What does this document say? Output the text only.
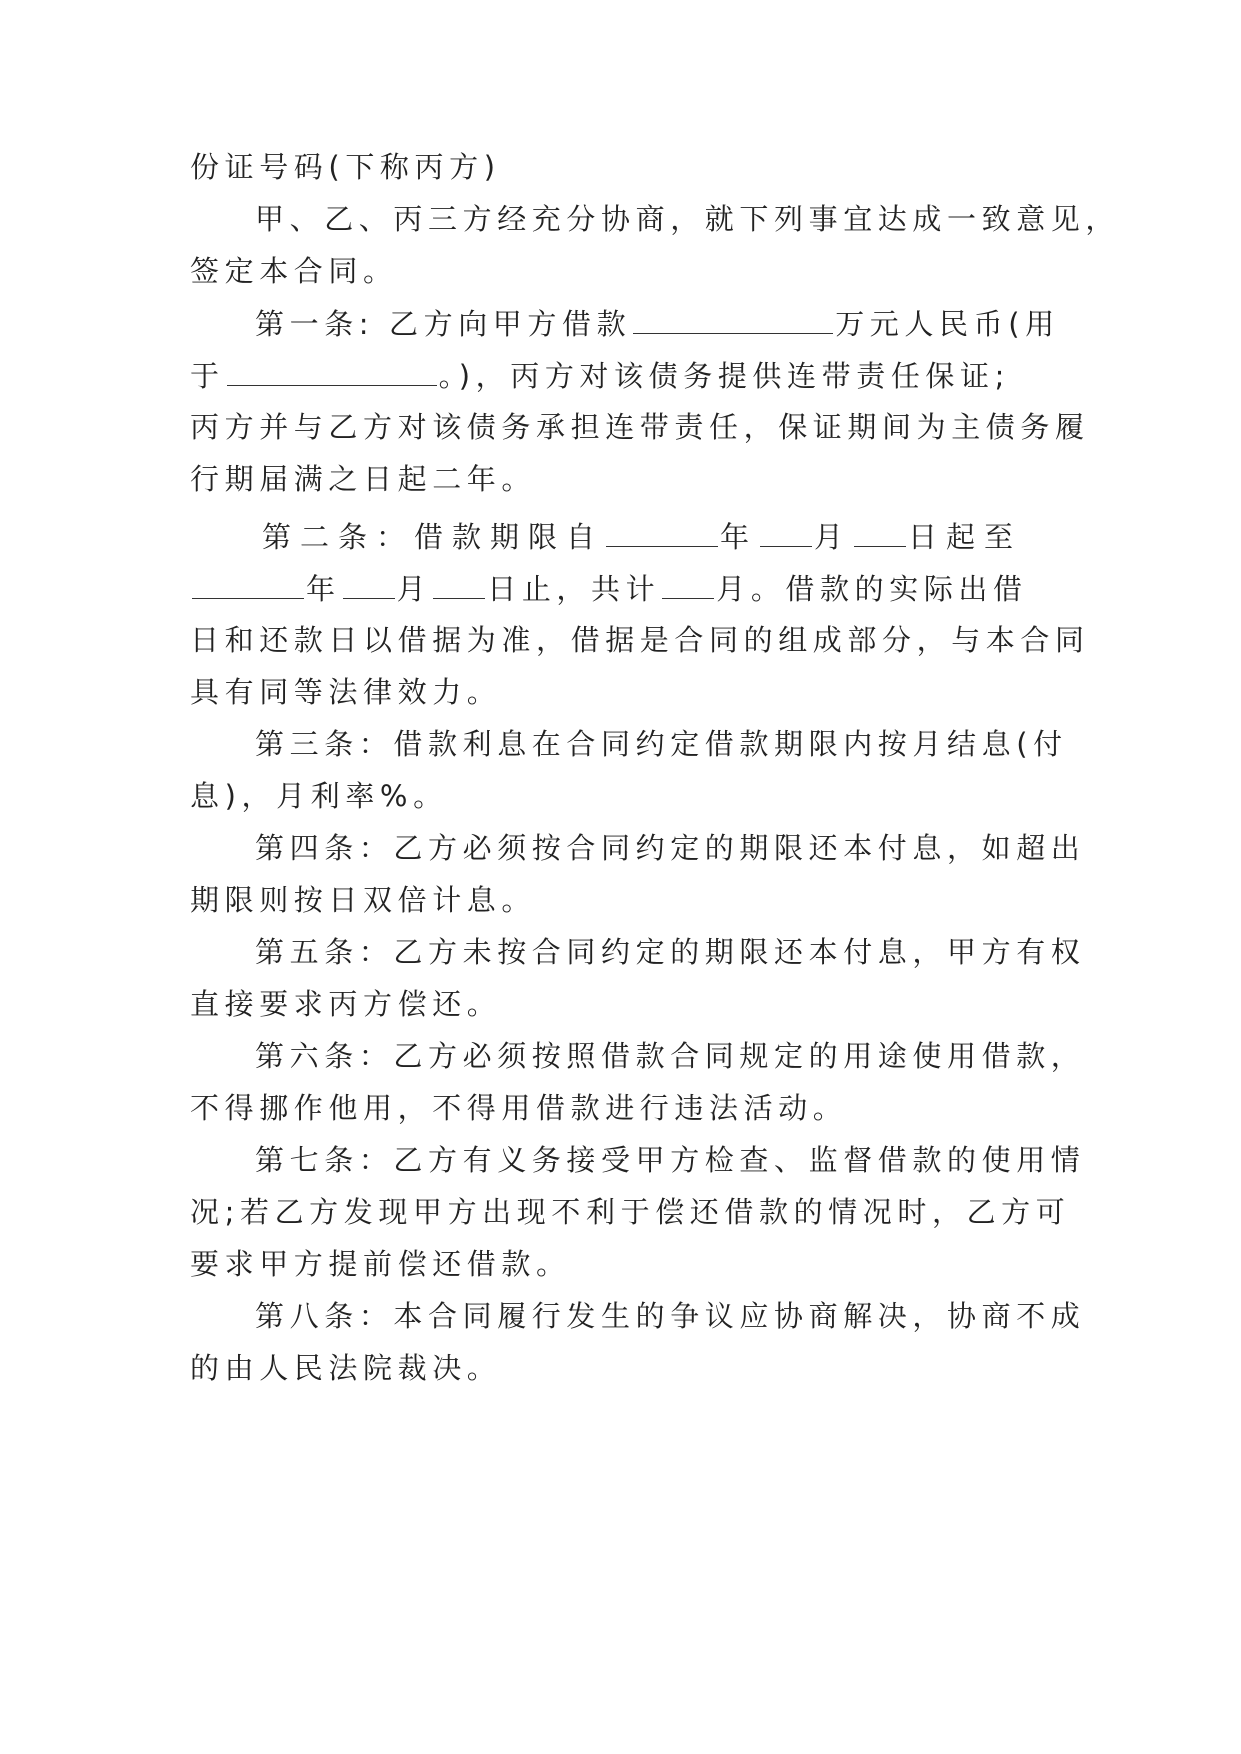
份证号码(下称丙方)
甲、乙、丙三方经充分协商，就下列事宜达成一致意见，
签定本合同。
第一条: 乙方向甲方借款	万元人民币(用
于	。)，丙方对该债务提供连带责任保证;
丙方并与乙方对该债务承担连带责任，保证期间为主债务履
行期届满之日起二年。
第二条：借款期限自	年 月 日起至
年 月 日止，共计 月。借款的实际出借
日和还款日以借据为准，借据是合同的组成部分，与本合同
具有同等法律效力。
第三条：借款利息在合同约定借款期限内按月结息(付
息)，月利率%。
第四条：乙方必须按合同约定的期限还本付息，如超出
期限则按日双倍计息。
第五条：乙方未按合同约定的期限还本付息，甲方有权
直接要求丙方偿还。
第六条：乙方必须按照借款合同规定的用途使用借款，
不得挪作他用，不得用借款进行违法活动。
第七条：乙方有义务接受甲方检查、监督借款的使用情
况;若乙方发现甲方出现不利于偿还借款的情况时，乙方可
要求甲方提前偿还借款。
第八条：本合同履行发生的争议应协商解决，协商不成
的由人民法院裁决。
